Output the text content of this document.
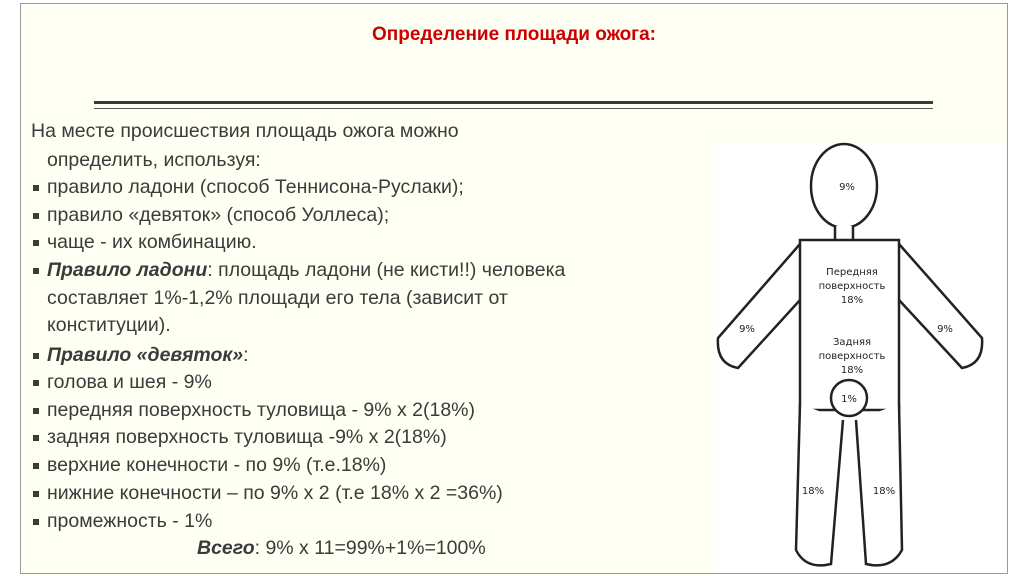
Определение площади ожога:
На месте происшествия площадь ожога можно
определить, используя:
правило ладони (способ Теннисона-Руслаки);
правило «девяток» (способ Уоллеса);
чаще - их комбинацию.
Правило ладони: площадь ладони (не кисти!!) человека
составляет 1%-1,2% площади его тела (зависит от
конституции).
Правило «девяток»:
голова и шея - 9%
передняя поверхность туловища - 9% х 2(18%)
задняя поверхность туловища -9% х 2(18%)
верхние конечности - по 9% (т.е.18%)
нижние конечности – по 9% х 2 (т.е 18% х 2 =36%)
промежность - 1%
Всего: 9% х 11=99%+1%=100%
9%
Передняя
поверхность
18%
Задняя
поверхность
18%
9%	9%
1%
18%	18%
